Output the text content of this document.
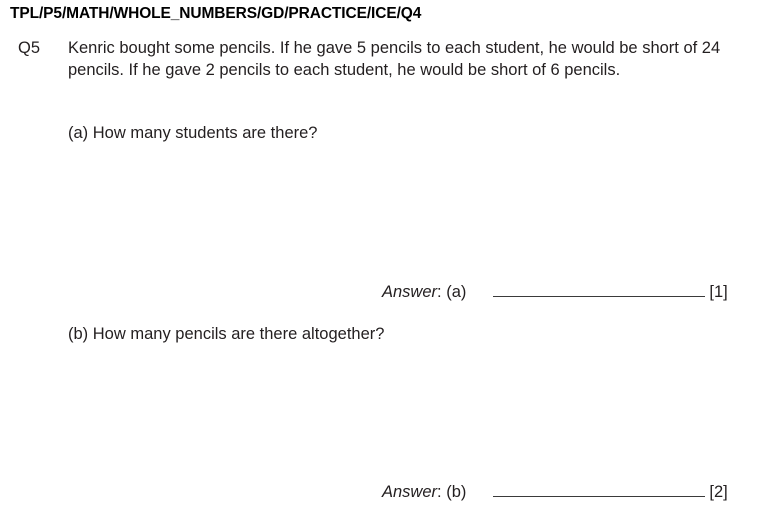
TPL/P5/MATH/WHOLE_NUMBERS/GD/PRACTICE/ICE/Q4
Q5 Kenric bought some pencils. If he gave 5 pencils to each student, he would be short of 24 pencils. If he gave 2 pencils to each student, he would be short of 6 pencils.
(a) How many students are there?
Answer : (a)	[1]
(b) How many pencils are there altogether?
Answer : (b)	[2]
